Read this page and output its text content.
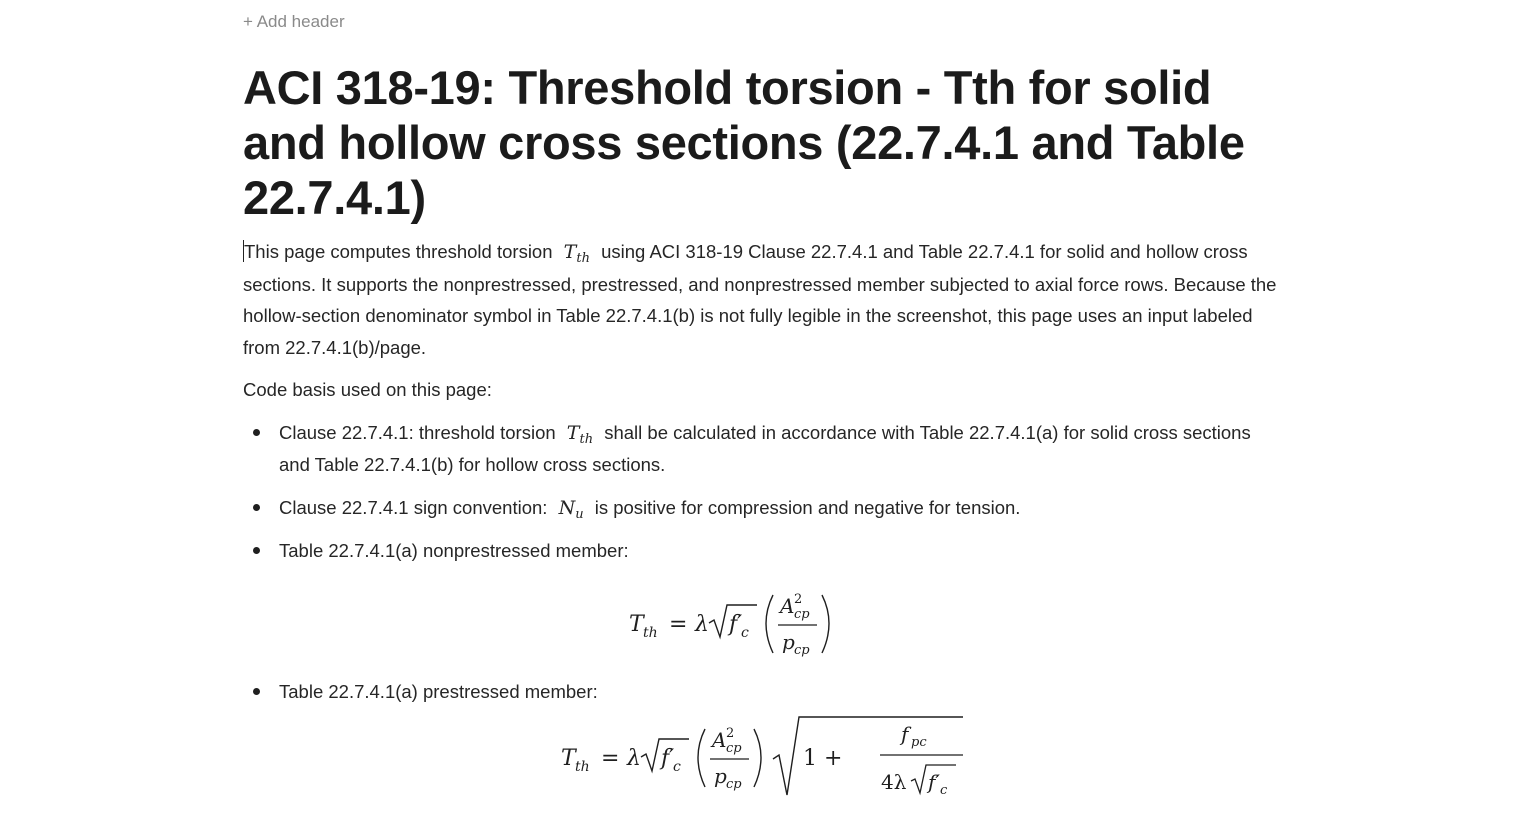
+ Add header
ACI 318-19: Threshold torsion - Tth for solid and hollow cross sections (22.7.4.1 and Table 22.7.4.1)

This page computes threshold torsion $T_{th}$ using ACI 318-19 Clause 22.7.4.1 and Table 22.7.4.1 for solid and hollow cross sections. It supports the nonprestressed, prestressed, and nonprestressed member subjected to axial force rows. Because the hollow-section denominator symbol in Table 22.7.4.1(b) is not fully legible in the screenshot, this page uses an input labeled from 22.7.4.1(b)/page.

Code basis used on this page:

Clause 22.7.4.1: threshold torsion $T_{th}$ shall be calculated in accordance with Table 22.7.4.1(a) for solid cross sections and Table 22.7.4.1(b) for hollow cross sections.
Clause 22.7.4.1 sign convention: $N_u$ is positive for compression and negative for tension.
Table 22.7.4.1(a) nonprestressed member:
T th = λ f′
c
A 2
cp
p cp
Table 22.7.4.1(a) prestressed member:
T th = λ f′
c
A 2
cp
p cp
1 +
f pc
4λ f′ c
